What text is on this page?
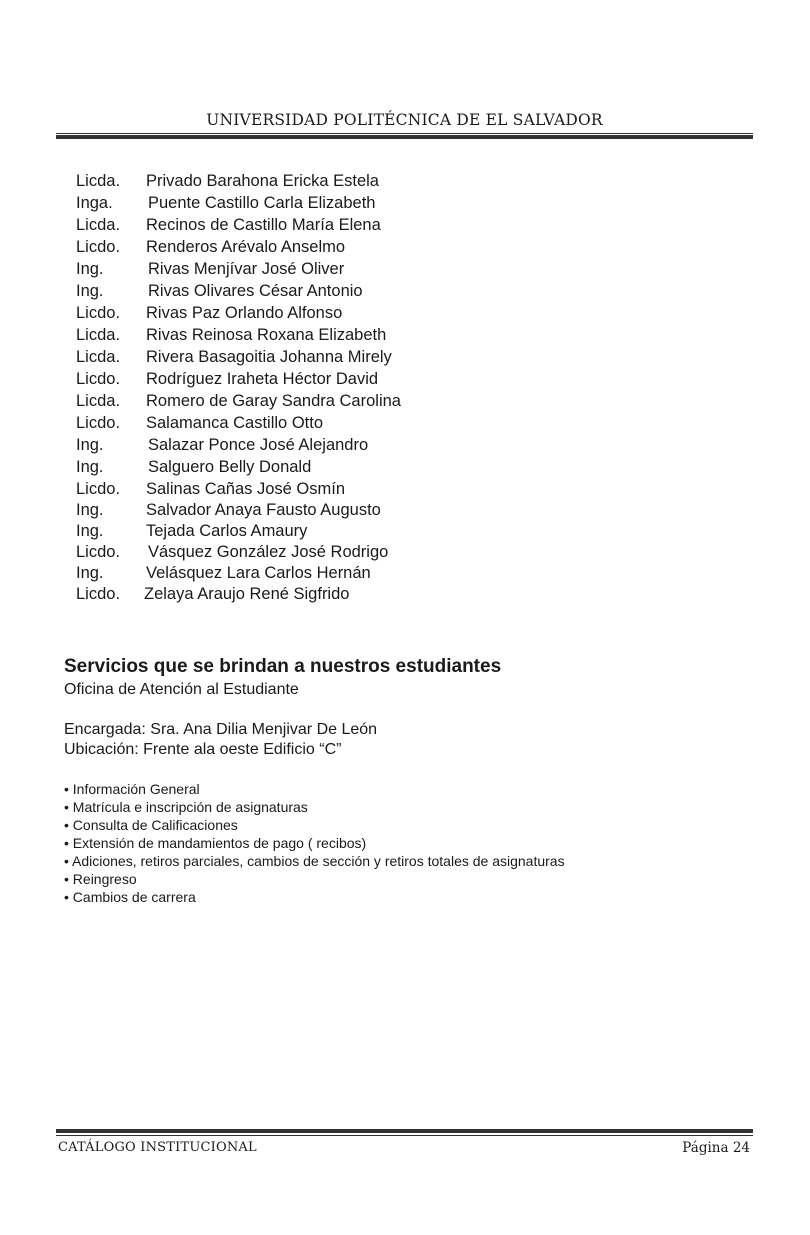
UNIVERSIDAD POLITÉCNICA DE EL SALVADOR
Licda. Privado Barahona Ericka Estela
Inga. Puente Castillo Carla Elizabeth
Licda. Recinos de Castillo María Elena
Licdo. Renderos Arévalo Anselmo
Ing.	Rivas Menjívar José Oliver
Ing.	Rivas Olivares César Antonio
Licdo. Rivas Paz Orlando Alfonso
Licda. Rivas Reinosa Roxana Elizabeth
Licda. Rivera Basagoitia Johanna Mirely
Licdo. Rodríguez Iraheta Héctor David
Licda. Romero de Garay Sandra Carolina
Licdo. Salamanca Castillo Otto
Ing.	Salazar Ponce José Alejandro
Ing.	Salguero Belly Donald
Licdo. Salinas Cañas José Osmín
Ing.	Salvador Anaya Fausto Augusto
Ing.	Tejada Carlos Amaury
Licdo. Vásquez González José Rodrigo
Ing.	Velásquez Lara Carlos Hernán
Licdo. Zelaya Araujo René Sigfrido
Servicios que se brindan a nuestros estudiantes
Oficina de Atención al Estudiante
Encargada: Sra. Ana Dilia Menjivar De León
Ubicación: Frente ala oeste Edificio “C”
• Información General
• Matrícula e inscripción de asignaturas
• Consulta de Calificaciones
• Extensión de mandamientos de pago ( recibos)
• Adiciones, retiros parciales, cambios de sección y retiros totales de asignaturas
• Reingreso
• Cambios de carrera
CATÁLOGO INSTITUCIONAL	Página 24
